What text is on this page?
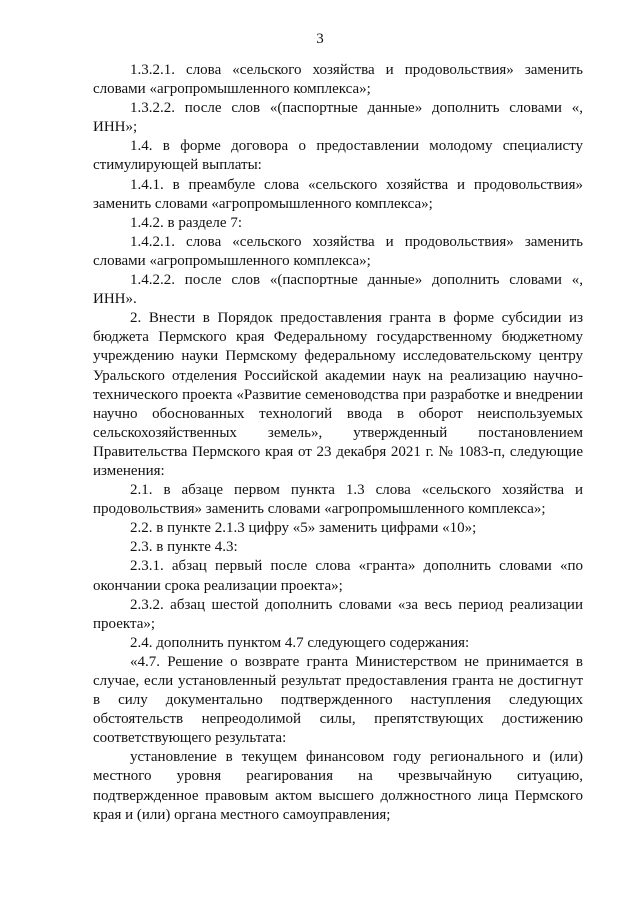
3

1.3.2.1. слова «сельского хозяйства и продовольствия» заменить словами «агропромышленного комплекса»;

1.3.2.2. после слов «(паспортные данные» дополнить словами «, ИНН»;

1.4. в форме договора о предоставлении молодому специалисту стимулирующей выплаты:

1.4.1. в преамбуле слова «сельского хозяйства и продовольствия» заменить словами «агропромышленного комплекса»;

1.4.2. в разделе 7:

1.4.2.1. слова «сельского хозяйства и продовольствия» заменить словами «агропромышленного комплекса»;

1.4.2.2. после слов «(паспортные данные» дополнить словами «, ИНН».

2. Внести в Порядок предоставления гранта в форме субсидии из бюджета Пермского края Федеральному государственному бюджетному учреждению науки Пермскому федеральному исследовательскому центру Уральского отделения Российской академии наук на реализацию научно-технического проекта «Развитие семеноводства при разработке и внедрении научно обоснованных технологий ввода в оборот неиспользуемых сельскохозяйственных земель», утвержденный постановлением Правительства Пермского края от 23 декабря 2021 г. № 1083-п, следующие изменения:

2.1. в абзаце первом пункта 1.3 слова «сельского хозяйства и продовольствия» заменить словами «агропромышленного комплекса»;

2.2. в пункте 2.1.3 цифру «5» заменить цифрами «10»;

2.3. в пункте 4.3:

2.3.1. абзац первый после слова «гранта» дополнить словами «по окончании срока реализации проекта»;

2.3.2. абзац шестой дополнить словами «за весь период реализации проекта»;

2.4. дополнить пунктом 4.7 следующего содержания:

«4.7. Решение о возврате гранта Министерством не принимается в случае, если установленный результат предоставления гранта не достигнут в силу документально подтвержденного наступления следующих обстоятельств непреодолимой силы, препятствующих достижению соответствующего результата:

установление в текущем финансовом году регионального и (или) местного уровня реагирования на чрезвычайную ситуацию, подтвержденное правовым актом высшего должностного лица Пермского края и (или) органа местного самоуправления;
